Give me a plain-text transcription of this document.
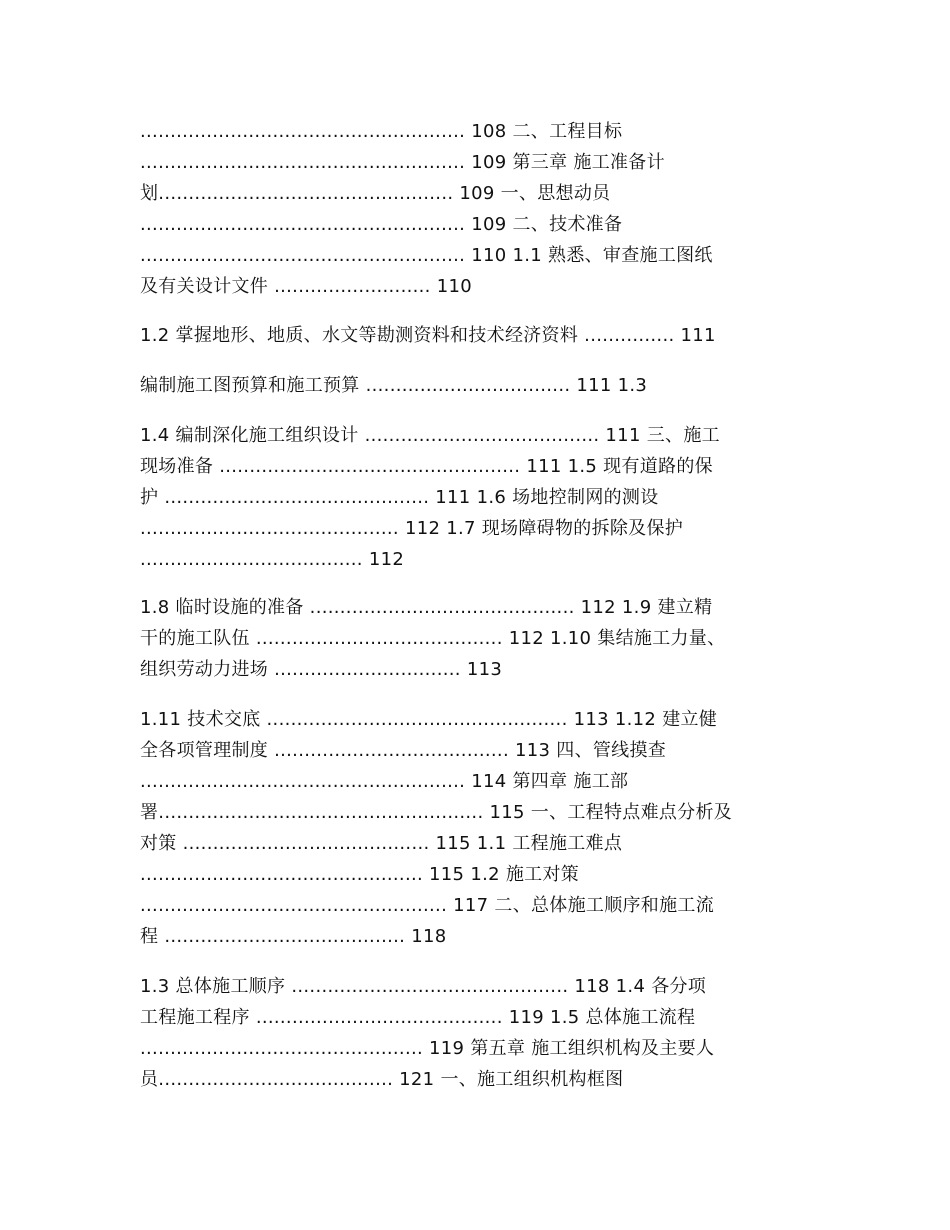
...................................................... 108 二、工程目标
...................................................... 109 第三章 施工准备计
划................................................. 109 一、思想动员
...................................................... 109 二、技术准备
...................................................... 110 1.1 熟悉、审查施工图纸
及有关设计文件 .......................... 110
1.2 掌握地形、地质、水文等勘测资料和技术经济资料 ............... 111
编制施工图预算和施工预算 .................................. 111 1.3
1.4 编制深化施工组织设计 ....................................... 111 三、施工
现场准备 .................................................. 111 1.5 现有道路的保
护 ............................................ 111 1.6 场地控制网的测设
........................................... 112 1.7 现场障碍物的拆除及保护
..................................... 112
1.8 临时设施的准备 ............................................ 112 1.9 建立精
干的施工队伍 ......................................... 112 1.10 集结施工力量、
组织劳动力进场 ............................... 113
1.11 技术交底 .................................................. 113 1.12 建立健
全各项管理制度 ....................................... 113 四、管线摸查
...................................................... 114 第四章 施工部
署...................................................... 115 一、工程特点难点分析及
对策 ......................................... 115 1.1 工程施工难点
............................................... 115 1.2 施工对策
................................................... 117 二、总体施工顺序和施工流
程 ........................................ 118
1.3 总体施工顺序 .............................................. 118 1.4 各分项
工程施工程序 ......................................... 119 1.5 总体施工流程
............................................... 119 第五章 施工组织机构及主要人
员....................................... 121 一、施工组织机构框图
